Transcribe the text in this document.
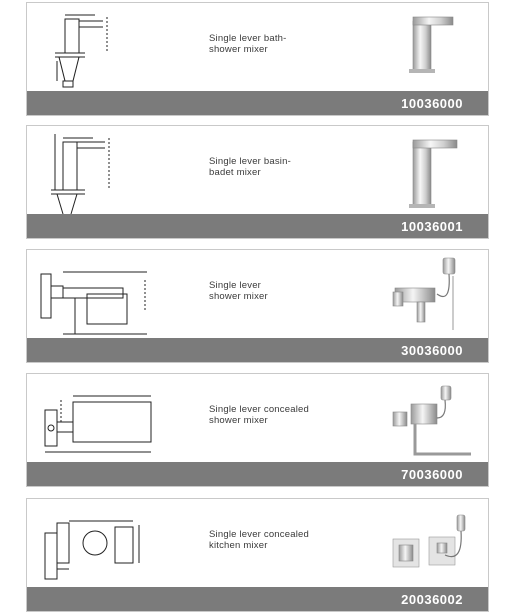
Single lever bath-
shower mixer
10036000
Single lever basin-
badet mixer
10036001
Single lever
shower mixer
30036000
Single lever concealed
shower mixer
70036000
Single lever concealed
kitchen mixer
20036002
